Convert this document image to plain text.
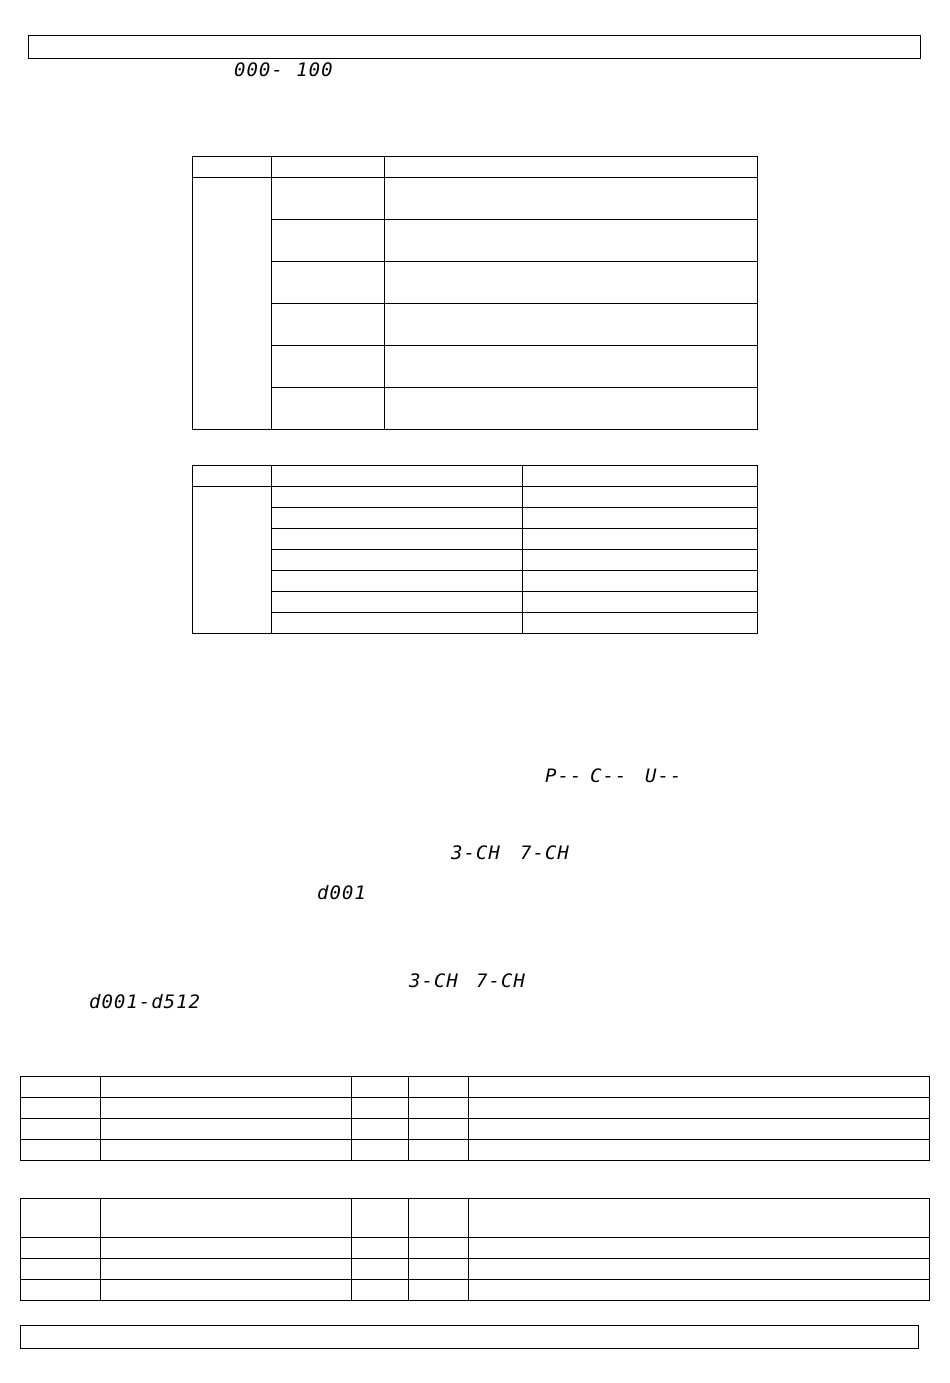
000- 100

P-- C-- U--
3-CH 7-CH
d001
3-CH 7-CH
d001-d512
